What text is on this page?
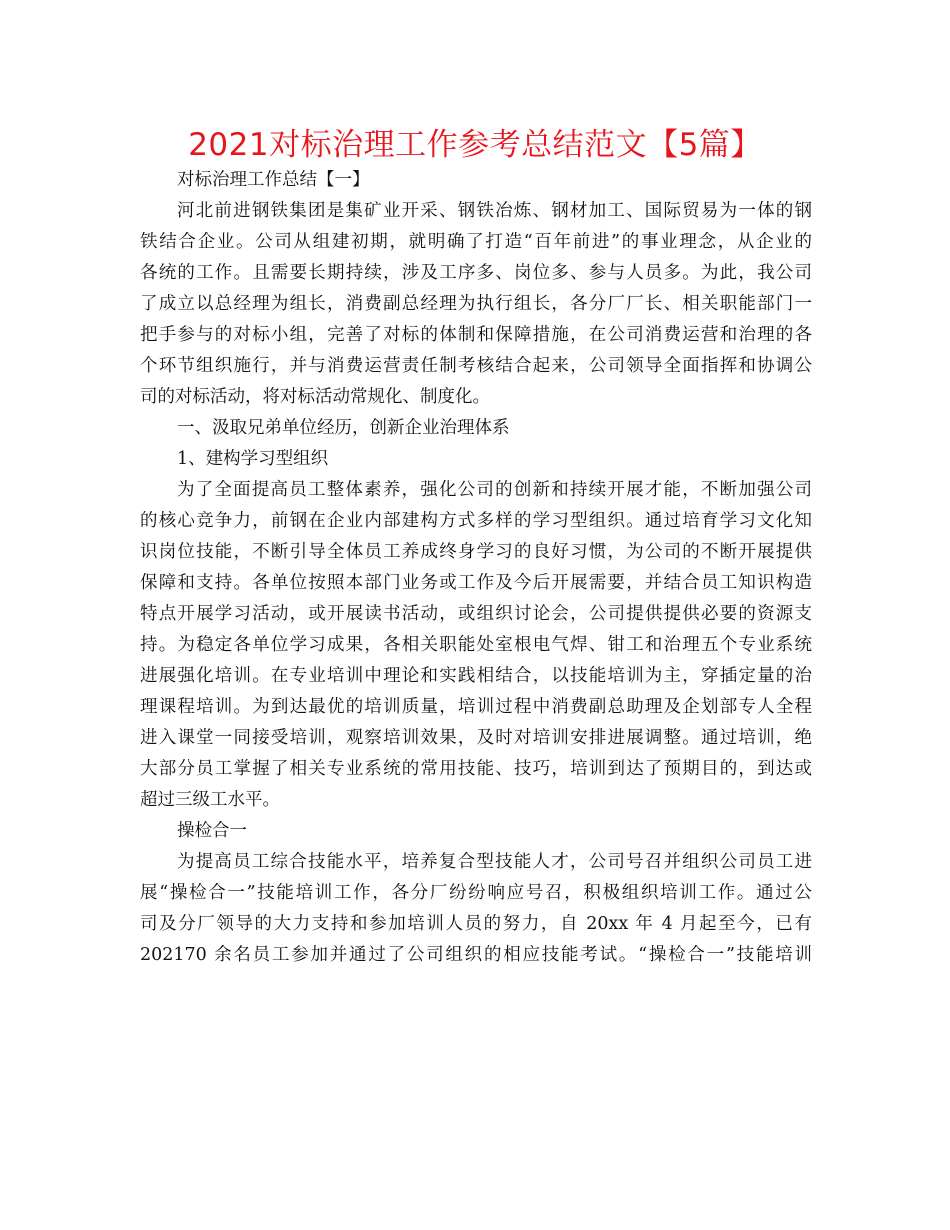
2021对标治理工作参考总结范文【5篇】
对标治理工作总结【一】
河北前进钢铁集团是集矿业开采、钢铁冶炼、钢材加工、国际贸易为一体的钢
铁结合企业。公司从组建初期，就明确了打造“百年前进”的事业理念，从企业的
各统的工作。且需要长期持续，涉及工序多、岗位多、参与人员多。为此，我公司
了成立以总经理为组长，消费副总经理为执行组长，各分厂厂长、相关职能部门一
把手参与的对标小组，完善了对标的体制和保障措施，在公司消费运营和治理的各
个环节组织施行，并与消费运营责任制考核结合起来，公司领导全面指挥和协调公
司的对标活动，将对标活动常规化、制度化。
一、汲取兄弟单位经历，创新企业治理体系
1、建构学习型组织
为了全面提高员工整体素养，强化公司的创新和持续开展才能，不断加强公司
的核心竞争力，前钢在企业内部建构方式多样的学习型组织。通过培育学习文化知
识岗位技能，不断引导全体员工养成终身学习的良好习惯，为公司的不断开展提供
保障和支持。各单位按照本部门业务或工作及今后开展需要，并结合员工知识构造
特点开展学习活动，或开展读书活动，或组织讨论会，公司提供提供必要的资源支
持。为稳定各单位学习成果，各相关职能处室根电气焊、钳工和治理五个专业系统
进展强化培训。在专业培训中理论和实践相结合，以技能培训为主，穿插定量的治
理课程培训。为到达最优的培训质量，培训过程中消费副总助理及企划部专人全程
进入课堂一同接受培训，观察培训效果，及时对培训安排进展调整。通过培训，绝
大部分员工掌握了相关专业系统的常用技能、技巧，培训到达了预期目的，到达或
超过三级工水平。
操检合一
为提高员工综合技能水平，培养复合型技能人才，公司号召并组织公司员工进
展“操检合一”技能培训工作，各分厂纷纷响应号召，积极组织培训工作。通过公
司及分厂领导的大力支持和参加培训人员的努力，自 20xx 年 4 月起至今，已有
202170 余名员工参加并通过了公司组织的相应技能考试。“操检合一”技能培训
